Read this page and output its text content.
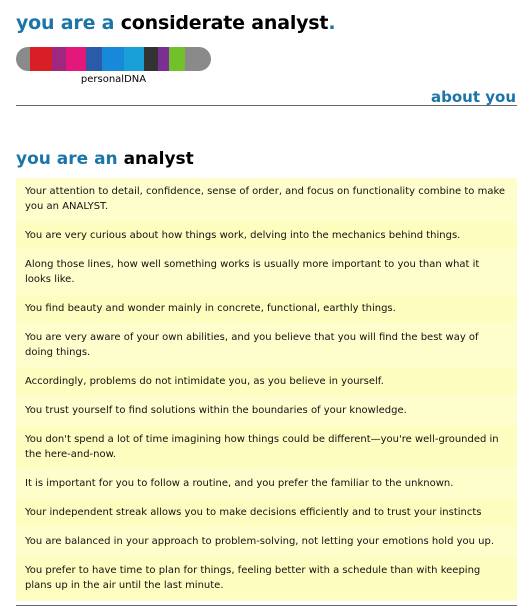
you are a considerate analyst.
personalDNA
about you
you are an analyst
Your attention to detail, confidence, sense of order, and focus on functionality combine to make you an ANALYST.
You are very curious about how things work, delving into the mechanics behind things.
Along those lines, how well something works is usually more important to you than what it looks like.
You find beauty and wonder mainly in concrete, functional, earthly things.
You are very aware of your own abilities, and you believe that you will find the best way of doing things.
Accordingly, problems do not intimidate you, as you believe in yourself.
You trust yourself to find solutions within the boundaries of your knowledge.
You don't spend a lot of time imagining how things could be different—you're well-grounded in the here-and-now.
It is important for you to follow a routine, and you prefer the familiar to the unknown.
Your independent streak allows you to make decisions efficiently and to trust your instincts
You are balanced in your approach to problem-solving, not letting your emotions hold you up.
You prefer to have time to plan for things, feeling better with a schedule than with keeping plans up in the air until the last minute.
